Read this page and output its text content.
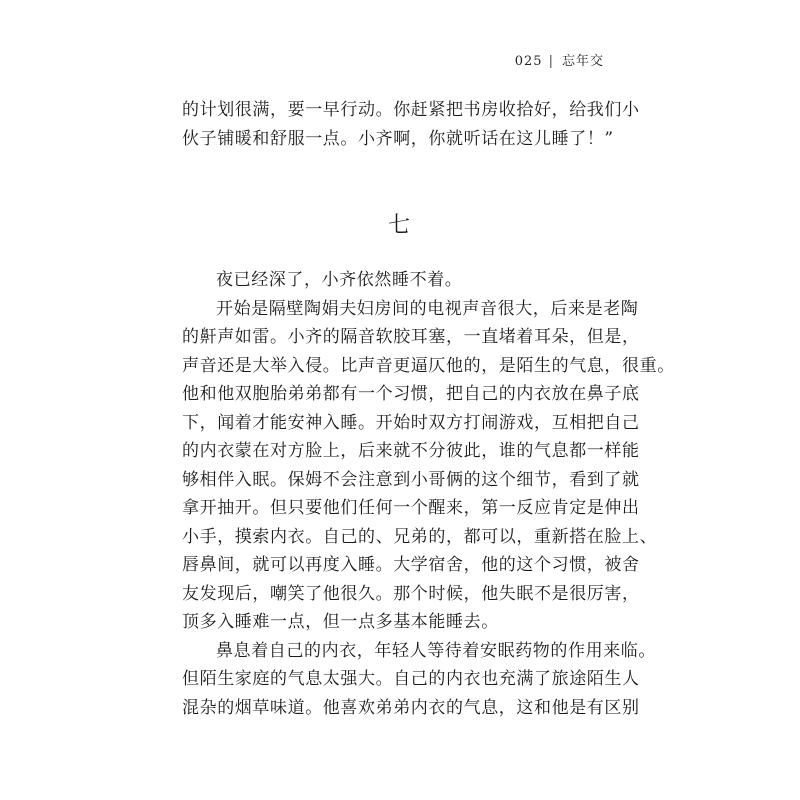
025 | 忘年交

的计划很满，要一早行动。你赶紧把书房收拾好，给我们小

伙子铺暖和舒服一点。小齐啊，你就听话在这儿睡了！”

七

夜已经深了，小齐依然睡不着。

开始是隔壁陶娟夫妇房间的电视声音很大，后来是老陶

的鼾声如雷。小齐的隔音软胶耳塞，一直堵着耳朵，但是，

声音还是大举入侵。比声音更逼仄他的，是陌生的气息，很重。

他和他双胞胎弟弟都有一个习惯，把自己的内衣放在鼻子底

下，闻着才能安神入睡。开始时双方打闹游戏，互相把自己

的内衣蒙在对方脸上，后来就不分彼此，谁的气息都一样能

够相伴入眠。保姆不会注意到小哥俩的这个细节，看到了就

拿开抽开。但只要他们任何一个醒来，第一反应肯定是伸出

小手，摸索内衣。自己的、兄弟的，都可以，重新搭在脸上、

唇鼻间，就可以再度入睡。大学宿舍，他的这个习惯，被舍

友发现后，嘲笑了他很久。那个时候，他失眠不是很厉害，

顶多入睡难一点，但一点多基本能睡去。

鼻息着自己的内衣，年轻人等待着安眠药物的作用来临。

但陌生家庭的气息太强大。自己的内衣也充满了旅途陌生人

混杂的烟草味道。他喜欢弟弟内衣的气息，这和他是有区别
